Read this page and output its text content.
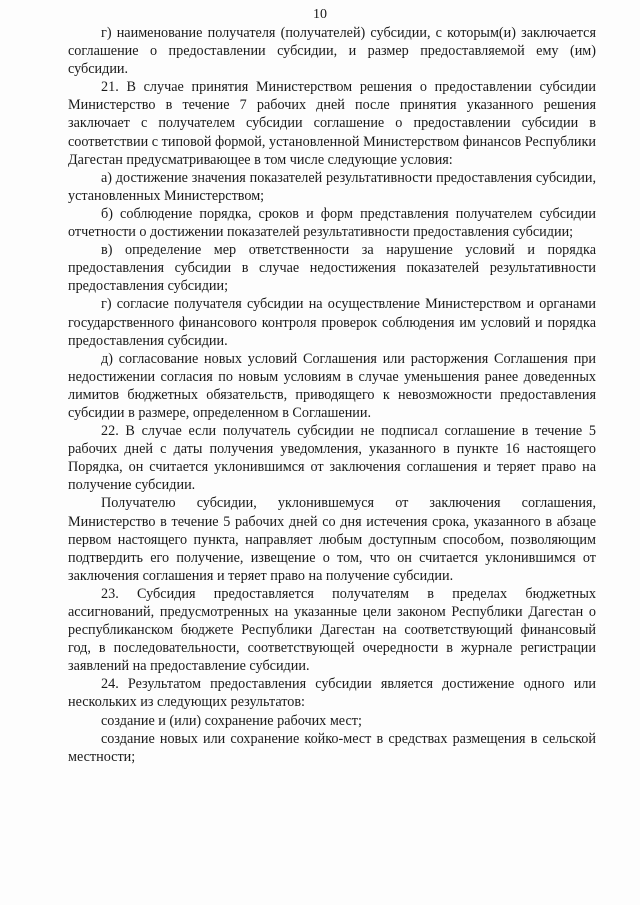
10

г) наименование получателя (получателей) субсидии, с которым(и) заключается соглашение о предоставлении субсидии, и размер предоставляемой ему (им) субсидии.

21. В случае принятия Министерством решения о предоставлении субсидии Министерство в течение 7 рабочих дней после принятия указанного решения заключает с получателем субсидии соглашение о предоставлении субсидии в соответствии с типовой формой, установленной Министерством финансов Республики Дагестан предусматривающее в том числе следующие условия:

а) достижение значения показателей результативности предоставления субсидии, установленных Министерством;

б) соблюдение порядка, сроков и форм представления получателем субсидии отчетности о достижении показателей результативности предоставления субсидии;

в) определение мер ответственности за нарушение условий и порядка предоставления субсидии в случае недостижения показателей результативности предоставления субсидии;

г) согласие получателя субсидии на осуществление Министерством и органами государственного финансового контроля проверок соблюдения им условий и порядка предоставления субсидии.

д) согласование новых условий Соглашения или расторжения Соглашения при недостижении согласия по новым условиям в случае уменьшения ранее доведенных лимитов бюджетных обязательств, приводящего к невозможности предоставления субсидии в размере, определенном в Соглашении.

22. В случае если получатель субсидии не подписал соглашение в течение 5 рабочих дней с даты получения уведомления, указанного в пункте 16 настоящего Порядка, он считается уклонившимся от заключения соглашения и теряет право на получение субсидии.

Получателю субсидии, уклонившемуся от заключения соглашения, Министерство в течение 5 рабочих дней со дня истечения срока, указанного в абзаце первом настоящего пункта, направляет любым доступным способом, позволяющим подтвердить его получение, извещение о том, что он считается уклонившимся от заключения соглашения и теряет право на получение субсидии.

23. Субсидия предоставляется получателям в пределах бюджетных ассигнований, предусмотренных на указанные цели законом Республики Дагестан о республиканском бюджете Республики Дагестан на соответствующий финансовый год, в последовательности, соответствующей очередности в журнале регистрации заявлений на предоставление субсидии.

24. Результатом предоставления субсидии является достижение одного или нескольких из следующих результатов:

создание и (или) сохранение рабочих мест;

создание новых или сохранение койко-мест в средствах размещения в сельской местности;
